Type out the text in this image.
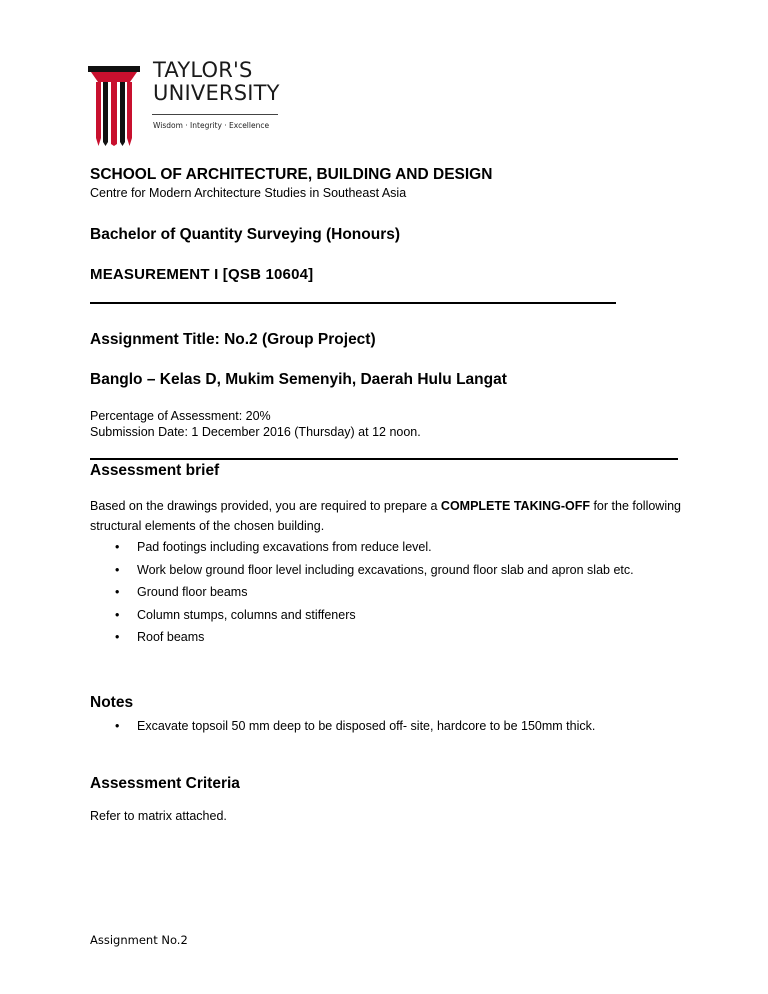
TAYLOR'S
UNIVERSITY
Wisdom · Integrity · Excellence
SCHOOL OF ARCHITECTURE, BUILDING AND DESIGN
Centre for Modern Architecture Studies in Southeast Asia
Bachelor of Quantity Surveying (Honours)
MEASUREMENT I [QSB 10604]
Assignment Title: No.2 (Group Project)
Banglo – Kelas D, Mukim Semenyih, Daerah Hulu Langat
Percentage of Assessment: 20%
Submission Date: 1 December 2016 (Thursday) at 12 noon.
Assessment brief
Based on the drawings provided, you are required to prepare a COMPLETE TAKING-OFF for the following
structural elements of the chosen building.
• Pad footings including excavations from reduce level.
• Work below ground floor level including excavations, ground floor slab and apron slab etc.
• Ground floor beams
• Column stumps, columns and stiffeners
• Roof beams
Notes
• Excavate topsoil 50 mm deep to be disposed off- site, hardcore to be 150mm thick.
Assessment Criteria
Refer to matrix attached.
Assignment No.2
